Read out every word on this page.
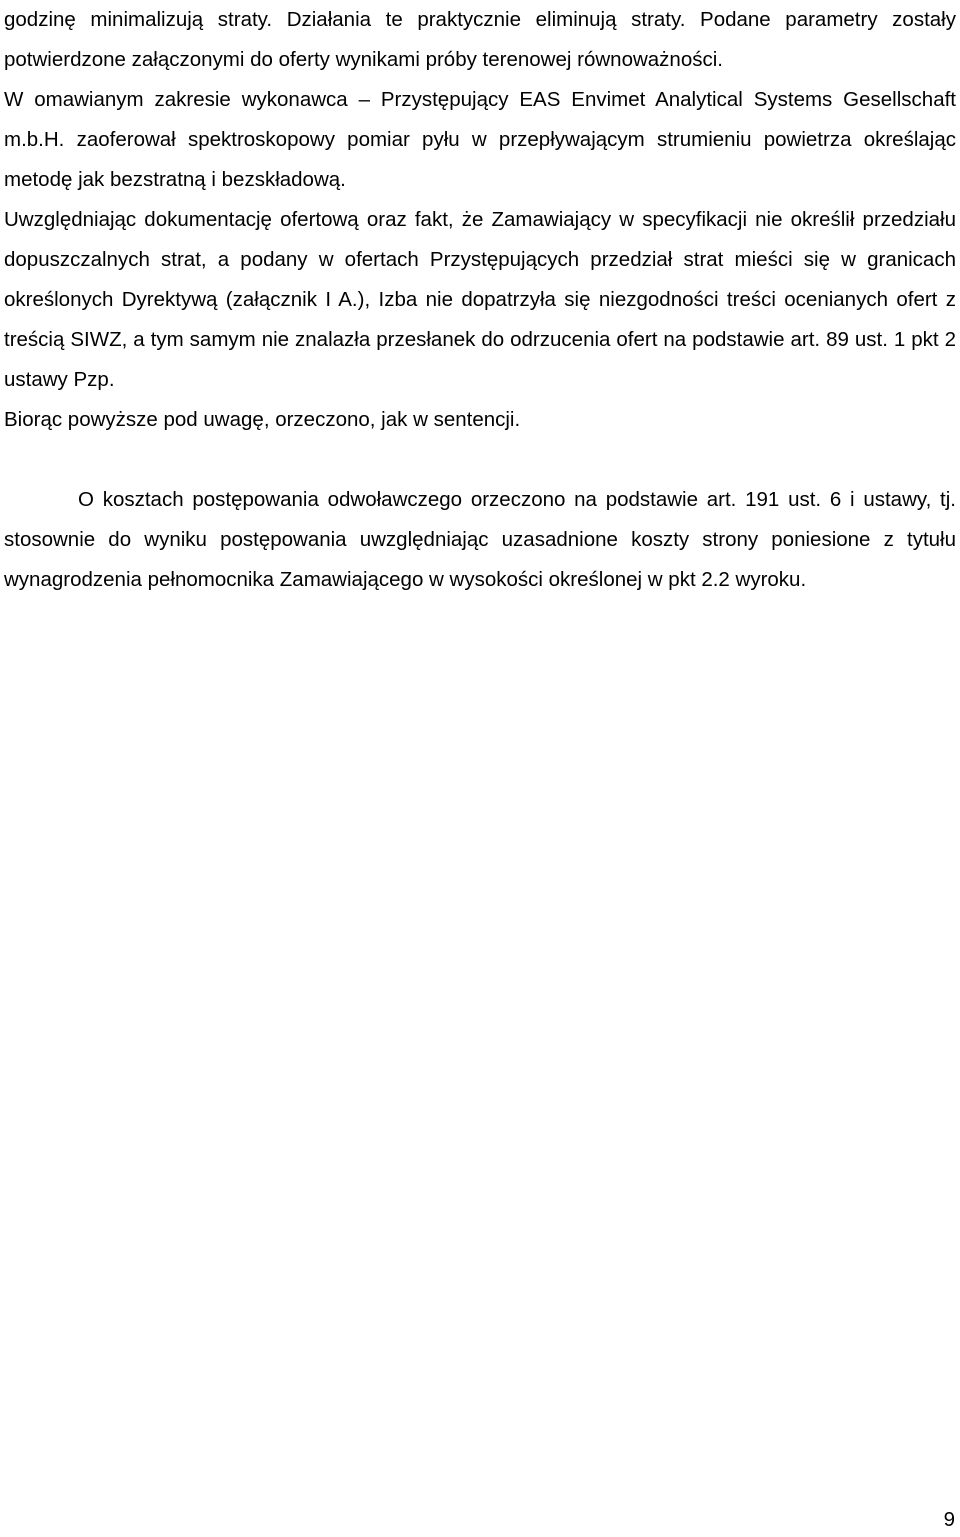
godzinę minimalizują straty. Działania te praktycznie eliminują straty. Podane parametry zostały potwierdzone załączonymi do oferty wynikami próby terenowej równoważności.

W omawianym zakresie wykonawca – Przystępujący EAS Envimet Analytical Systems Gesellschaft m.b.H. zaoferował spektroskopowy pomiar pyłu w przepływającym strumieniu powietrza określając metodę jak bezstratną i bezskładową.

Uwzględniając dokumentację ofertową oraz fakt, że Zamawiający w specyfikacji nie określił przedziału dopuszczalnych strat, a podany w ofertach Przystępujących przedział strat mieści się w granicach określonych Dyrektywą (załącznik I A.), Izba nie dopatrzyła się niezgodności treści ocenianych ofert z treścią SIWZ, a tym samym nie znalazła przesłanek do odrzucenia ofert na podstawie art. 89 ust. 1 pkt 2 ustawy Pzp.

Biorąc powyższe pod uwagę, orzeczono, jak w sentencji.

O kosztach postępowania odwoławczego orzeczono na podstawie art. 191 ust. 6 i ustawy, tj. stosownie do wyniku postępowania uwzględniając uzasadnione koszty strony poniesione z tytułu wynagrodzenia pełnomocnika Zamawiającego w wysokości określonej w pkt 2.2 wyroku.

9
